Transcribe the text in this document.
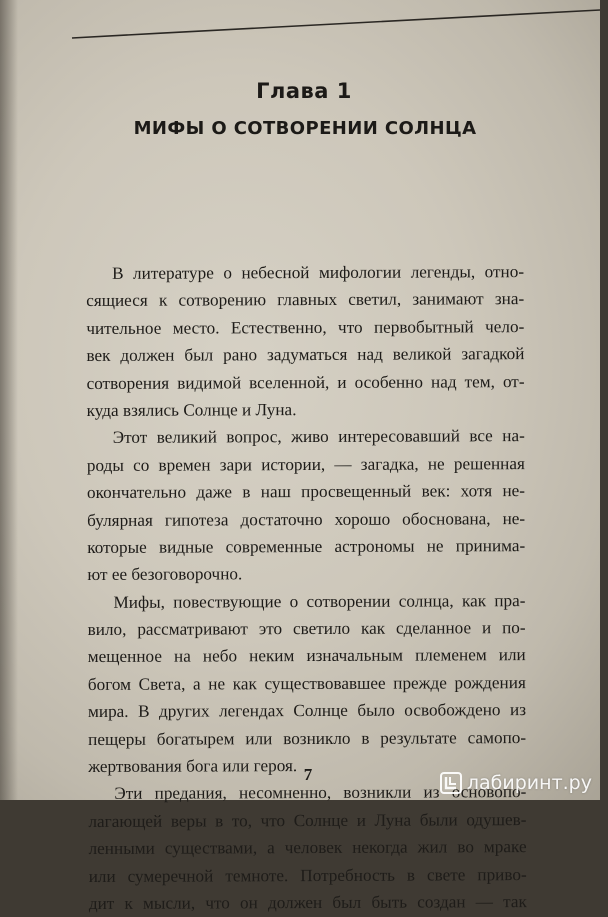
Глава 1
МИФЫ О СОТВОРЕНИИ СОЛНЦА
В литературе о небесной мифологии легенды, отно-
сящиеся к сотворению главных светил, занимают зна-
чительное место. Естественно, что первобытный чело-
век должен был рано задуматься над великой загадкой
сотворения видимой вселенной, и особенно над тем, от-
куда взялись Солнце и Луна.
Этот великий вопрос, живо интересовавший все на-
роды со времен зари истории, — загадка, не решенная
окончательно даже в наш просвещенный век: хотя не-
булярная гипотеза достаточно хорошо обоснована, не-
которые видные современные астрономы не принима-
ют ее безоговорочно.
Мифы, повествующие о сотворении солнца, как пра-
вило, рассматривают это светило как сделанное и по-
мещенное на небо неким изначальным племенем или
богом Света, а не как существовавшее прежде рождения
мира. В других легендах Солнце было освобождено из
пещеры богатырем или возникло в результате самопо-
жертвования бога или героя.
Эти предания, несомненно, возникли из основопо-
лагающей веры в то, что Солнце и Луна были одушев-
ленными существами, а человек некогда жил во мраке
или сумеречной темноте. Потребность в свете приво-
дит к мысли, что он должен был быть создан — так
7	лабиринт.ру
